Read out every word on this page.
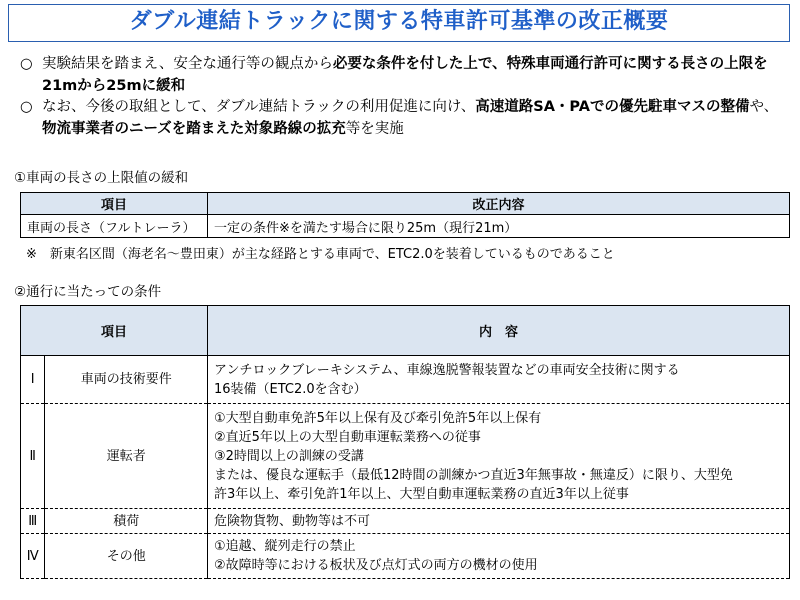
ダブル連結トラックに関する特車許可基準の改正概要
○ 実験結果を踏まえ、安全な通行等の観点から必要な条件を付した上で、特殊車両通行許可に関する長さの上限を21mから25mに緩和
○ なお、今後の取組として、ダブル連結トラックの利用促進に向け、高速道路SA・PAでの優先駐車マスの整備や、物流事業者のニーズを踏まえた対象路線の拡充等を実施
①車両の長さの上限値の緩和
項目	改正内容
車両の長さ（フルトレーラ）	一定の条件※を満たす場合に限り25m（現行21m）
※　新東名区間（海老名～豊田東）が主な経路とする車両で、ETC2.0を装着しているものであること
②通行に当たっての条件
項目		内　容
Ⅰ	車両の技術要件	アンチロックブレーキシステム、車線逸脱警報装置などの車両安全技術に関する
16装備（ETC2.0を含む）

Ⅱ	運転者	①大型自動車免許5年以上保有及び牽引免許5年以上保有
②直近5年以上の大型自動車運転業務への従事
③2時間以上の訓練の受講
または、優良な運転手（最低12時間の訓練かつ直近3年無事故・無違反）に限り、大型免
許3年以上、牽引免許1年以上、大型自動車運転業務の直近3年以上従事

Ⅲ	積荷	危険物貨物、動物等は不可

Ⅳ	その他	①追越、縦列走行の禁止
②故障時等における板状及び点灯式の両方の機材の使用
